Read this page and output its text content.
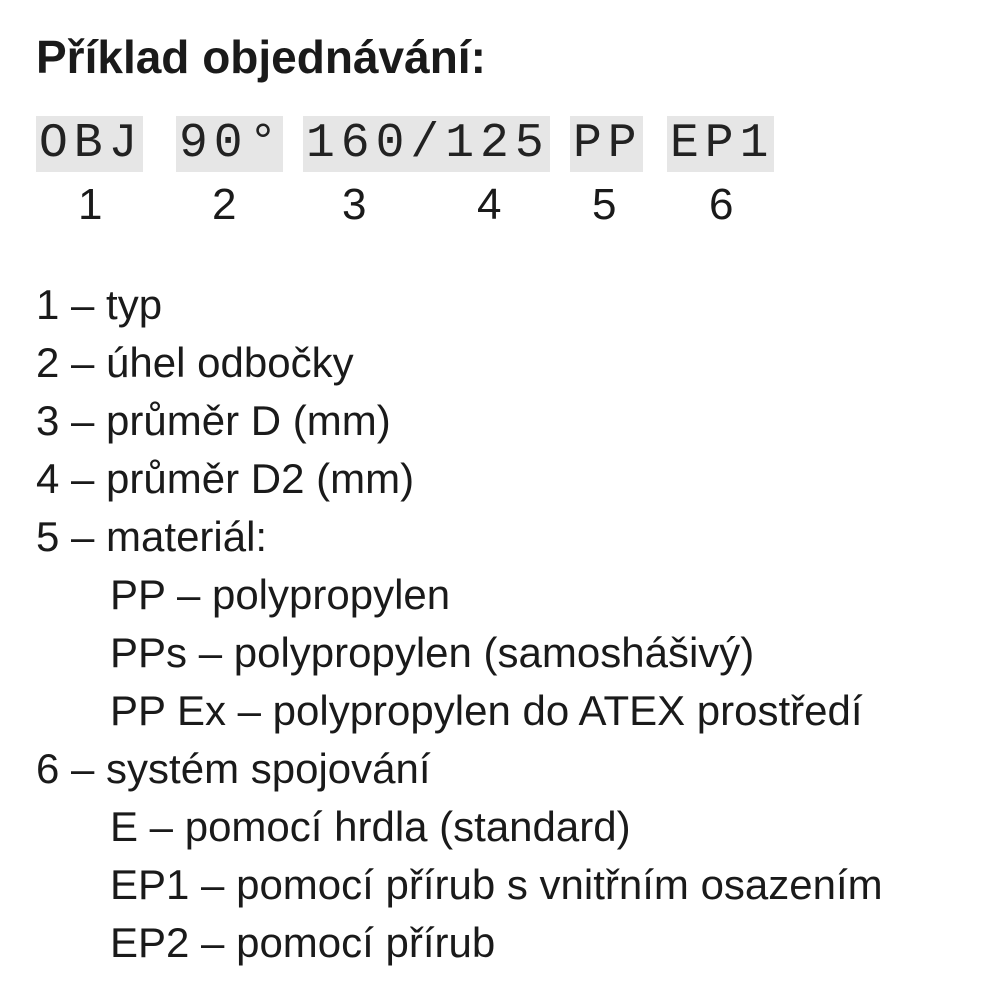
Příklad objednávání:
OBJ 90° 160/125 PP EP1
1 2 3	4 5 6
1 – typ
2 – úhel odbočky
3 – průměr D (mm)
4 – průměr D2 (mm)
5 – materiál:
PP – polypropylen
PPs – polypropylen (samoshášivý)
PP Ex – polypropylen do ATEX prostředí
6 – systém spojování
E – pomocí hrdla (standard)
EP1 – pomocí přírub s vnitřním osazením
EP2 – pomocí přírub
